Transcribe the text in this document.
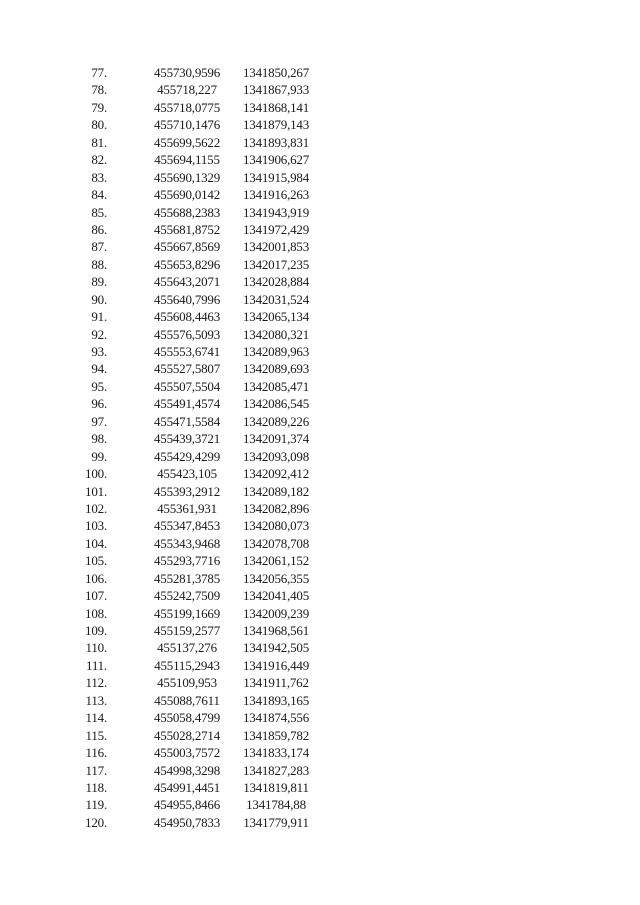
77.	455730,9596 1341850,267
78.	455718,227 1341867,933
79.	455718,0775 1341868,141
80.	455710,1476 1341879,143
81.	455699,5622 1341893,831
82.	455694,1155 1341906,627
83.	455690,1329 1341915,984
84.	455690,0142 1341916,263
85.	455688,2383 1341943,919
86.	455681,8752 1341972,429
87.	455667,8569 1342001,853
88.	455653,8296 1342017,235
89.	455643,2071 1342028,884
90.	455640,7996 1342031,524
91.	455608,4463 1342065,134
92.	455576,5093 1342080,321
93.	455553,6741 1342089,963
94.	455527,5807 1342089,693
95.	455507,5504 1342085,471
96.	455491,4574 1342086,545
97.	455471,5584 1342089,226
98.	455439,3721 1342091,374
99.	455429,4299 1342093,098
100.	455423,105 1342092,412
101.	455393,2912 1342089,182
102.	455361,931 1342082,896
103.	455347,8453 1342080,073
104.	455343,9468 1342078,708
105.	455293,7716 1342061,152
106.	455281,3785 1342056,355
107.	455242,7509 1342041,405
108.	455199,1669 1342009,239
109.	455159,2577 1341968,561
110.	455137,276 1341942,505
111.	455115,2943 1341916,449
112.	455109,953 1341911,762
113.	455088,7611 1341893,165
114.	455058,4799 1341874,556
115.	455028,2714 1341859,782
116.	455003,7572 1341833,174
117.	454998,3298 1341827,283
118.	454991,4451 1341819,811
119.	454955,8466 1341784,88
120.	454950,7833 1341779,911
